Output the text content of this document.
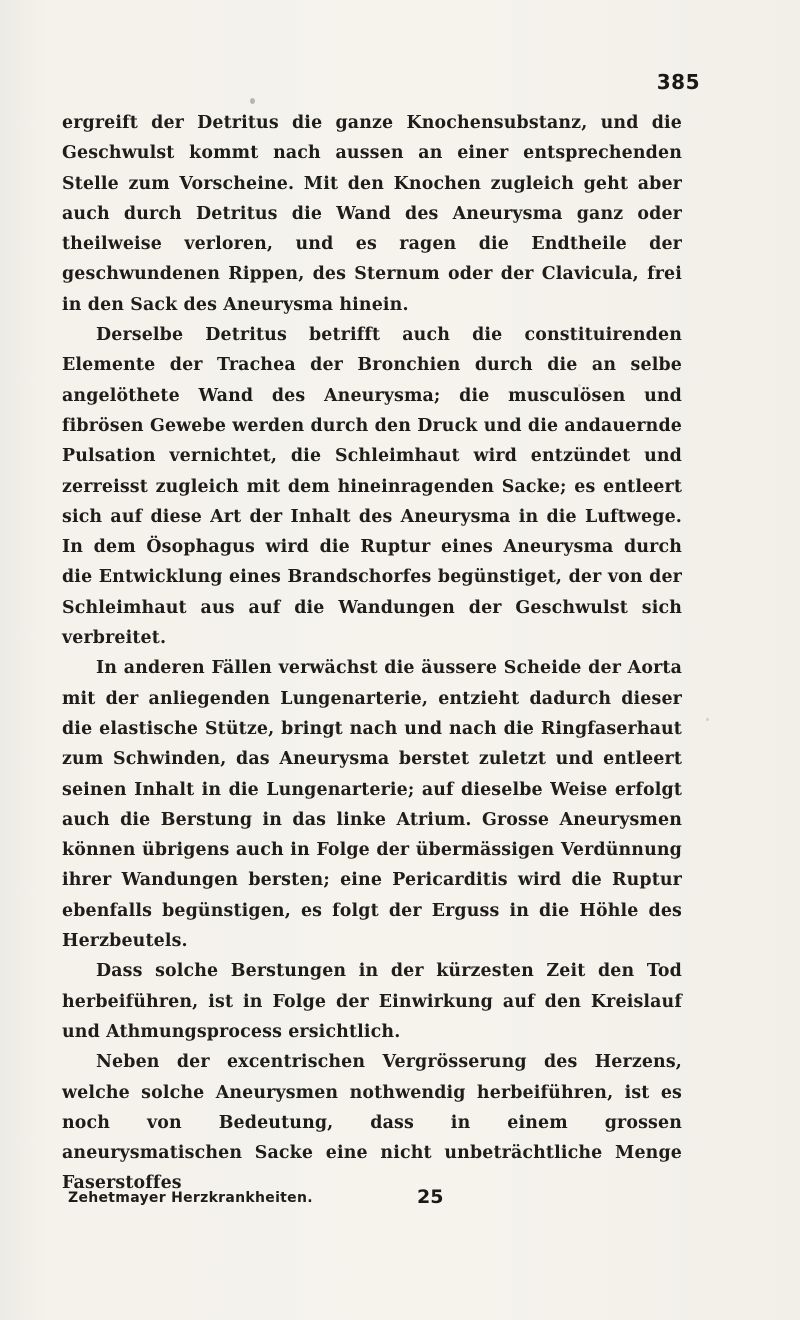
385

ergreift der Detritus die ganze Knochensubstanz, und die Geschwulst kommt nach aussen an einer entsprechenden Stelle zum Vorscheine. Mit den Knochen zugleich geht aber auch durch Detritus die Wand des Aneurysma ganz oder theilweise verloren, und es ragen die Endtheile der geschwundenen Rippen, des Sternum oder der Clavicula, frei in den Sack des Aneurysma hinein.

Derselbe Detritus betrifft auch die constituirenden Elemente der Trachea der Bronchien durch die an selbe angelöthete Wand des Aneurysma; die musculösen und fibrösen Gewebe werden durch den Druck und die andauernde Pulsation vernichtet, die Schleimhaut wird entzündet und zerreisst zugleich mit dem hineinragenden Sacke; es entleert sich auf diese Art der Inhalt des Aneurysma in die Luftwege. In dem Ösophagus wird die Ruptur eines Aneurysma durch die Entwicklung eines Brandschorfes begünstiget, der von der Schleimhaut aus auf die Wandungen der Geschwulst sich verbreitet.

In anderen Fällen verwächst die äussere Scheide der Aorta mit der anliegenden Lungenarterie, entzieht dadurch dieser die elastische Stütze, bringt nach und nach die Ringfaserhaut zum Schwinden, das Aneurysma berstet zuletzt und entleert seinen Inhalt in die Lungenarterie; auf dieselbe Weise erfolgt auch die Berstung in das linke Atrium. Grosse Aneurysmen können übrigens auch in Folge der übermässigen Verdünnung ihrer Wandungen bersten; eine Pericarditis wird die Ruptur ebenfalls begünstigen, es folgt der Erguss in die Höhle des Herzbeutels.

Dass solche Berstungen in der kürzesten Zeit den Tod herbeiführen, ist in Folge der Einwirkung auf den Kreislauf und Athmungsprocess ersichtlich.

Neben der excentrischen Vergrösserung des Herzens, welche solche Aneurysmen nothwendig herbeiführen, ist es noch von Bedeutung, dass in einem grossen aneurysmatischen Sacke eine nicht unbeträchtliche Menge Faserstoffes

Zehetmayer Herzkrankheiten.	25
